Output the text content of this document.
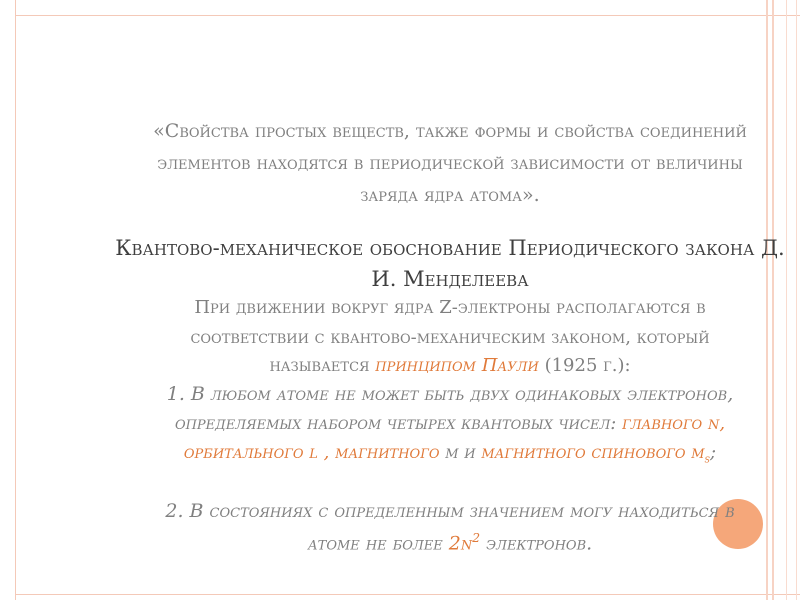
«Свойства простых веществ, также формы и свойства соединений

элементов находятся в периодической зависимости от величины

заряда ядра атома».

Квантово-механическое обоснование Периодического закона Д.

И. Менделеева

При движении вокруг ядра Z-электроны располагаются в

соответствии с квантово-механическим законом, который

называется принципом Паули (1925 г.):

1. В любом атоме не может быть двух одинаковых электронов,

определяемых набором четырех квантовых чисел: главного n,

орбитального l , магнитного m и магнитного спинового $m_s$;

2. В состояниях с определенным значением могу находиться в

атоме не более $2n^2$ электронов.
